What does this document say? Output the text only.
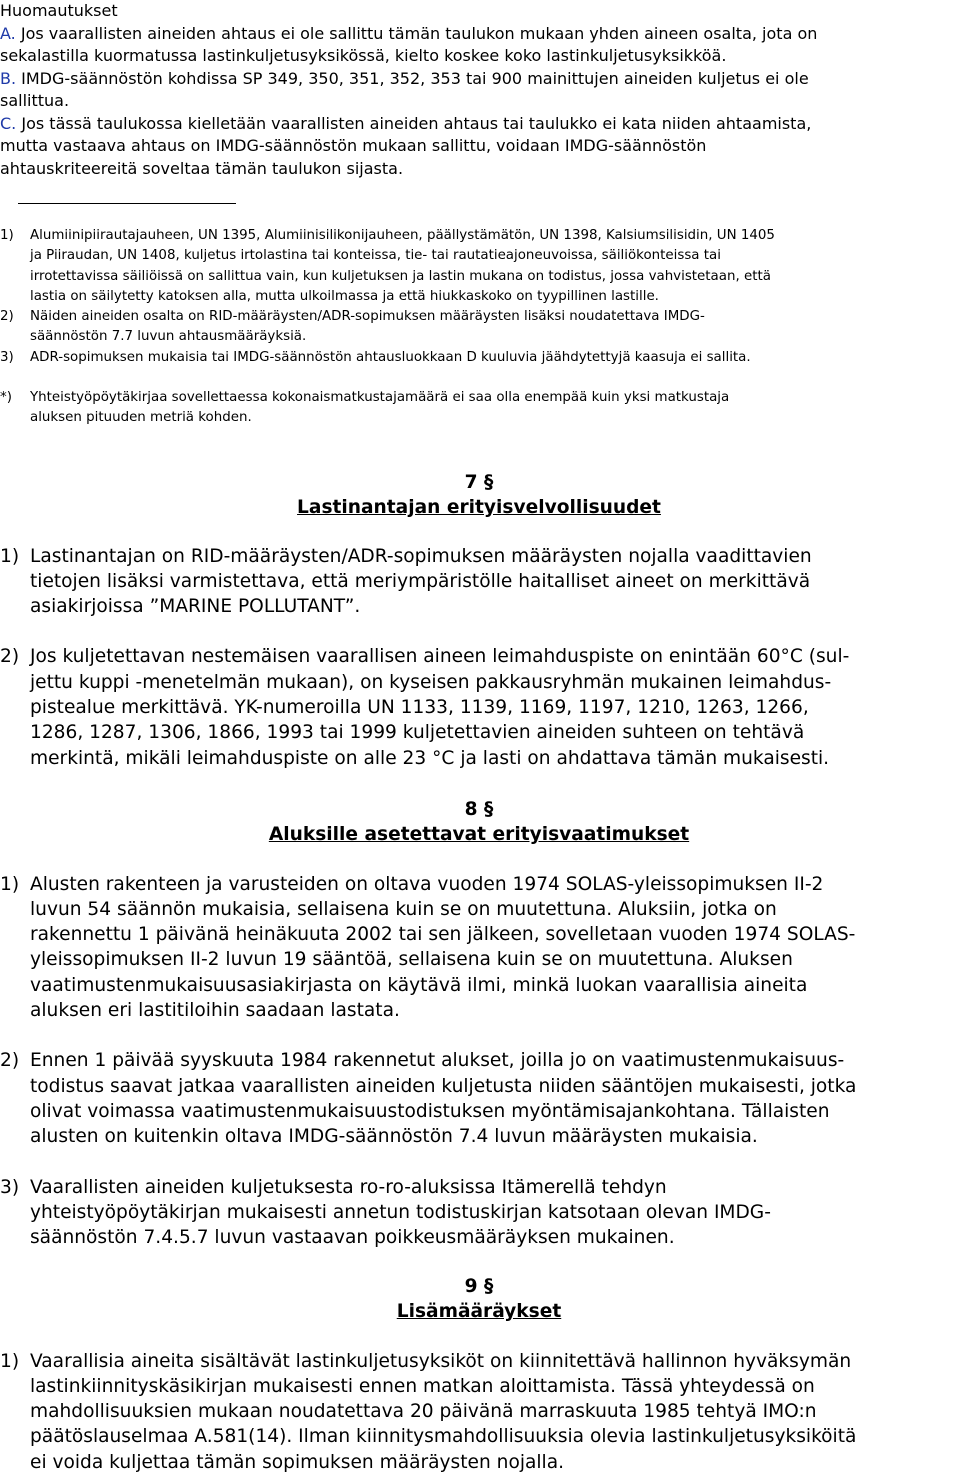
Huomautukset

A. Jos vaarallisten aineiden ahtaus ei ole sallittu tämän taulukon mukaan yhden aineen osalta, jota on

sekalastilla kuormatussa lastinkuljetusyksikössä, kielto koskee koko lastinkuljetusyksikköä.

B. IMDG-säännöstön kohdissa SP 349, 350, 351, 352, 353 tai 900 mainittujen aineiden kuljetus ei ole

sallittua.

C. Jos tässä taulukossa kielletään vaarallisten aineiden ahtaus tai taulukko ei kata niiden ahtaamista,

mutta vastaava ahtaus on IMDG-säännöstön mukaan sallittu, voidaan IMDG-säännöstön

ahtauskriteereitä soveltaa tämän taulukon sijasta.

1)	Alumiinipiirautajauheen, UN 1395, Alumiinisilikonijauheen, päällystämätön, UN 1398, Kalsiumsilisidin, UN 1405
ja Piiraudan, UN 1408, kuljetus irtolastina tai konteissa, tie- tai rautatieajoneuvoissa, säiliökonteissa tai
irrotettavissa säiliöissä on sallittua vain, kun kuljetuksen ja lastin mukana on todistus, jossa vahvistetaan, että
lastia on säilytetty katoksen alla, mutta ulkoilmassa ja että hiukkaskoko on tyypillinen lastille.
2)	Näiden aineiden osalta on RID-määräysten/ADR-sopimuksen määräysten lisäksi noudatettava IMDG-
säännöstön 7.7 luvun ahtausmääräyksiä.
3)	ADR-sopimuksen mukaisia tai IMDG-säännöstön ahtausluokkaan D kuuluvia jäähdytettyjä kaasuja ei sallita.
*)	Yhteistyöpöytäkirjaa sovellettaessa kokonaismatkustajamäärä ei saa olla enempää kuin yksi matkustaja
aluksen pituuden metriä kohden.

7 §
Lastinantajan erityisvelvollisuudet

1) Lastinantajan on RID-määräysten/ADR-sopimuksen määräysten nojalla vaadittavien
tietojen lisäksi varmistettava, että meriympäristölle haitalliset aineet on merkittävä
asiakirjoissa ”MARINE POLLUTANT”.
2) Jos kuljetettavan nestemäisen vaarallisen aineen leimahduspiste on enintään 60°C (sul-
jettu kuppi -menetelmän mukaan), on kyseisen pakkausryhmän mukainen leimahdus-
pistealue merkittävä. YK-numeroilla UN 1133, 1139, 1169, 1197, 1210, 1263, 1266,
1286, 1287, 1306, 1866, 1993 tai 1999 kuljetettavien aineiden suhteen on tehtävä
merkintä, mikäli leimahduspiste on alle 23 °C ja lasti on ahdattava tämän mukaisesti.

8 §
Aluksille asetettavat erityisvaatimukset

1) Alusten rakenteen ja varusteiden on oltava vuoden 1974 SOLAS-yleissopimuksen II-2
luvun 54 säännön mukaisia, sellaisena kuin se on muutettuna. Aluksiin, jotka on
rakennettu 1 päivänä heinäkuuta 2002 tai sen jälkeen, sovelletaan vuoden 1974 SOLAS-
yleissopimuksen II-2 luvun 19 sääntöä, sellaisena kuin se on muutettuna. Aluksen
vaatimustenmukaisuusasiakirjasta on käytävä ilmi, minkä luokan vaarallisia aineita
aluksen eri lastitiloihin saadaan lastata.
2) Ennen 1 päivää syyskuuta 1984 rakennetut alukset, joilla jo on vaatimustenmukaisuus-
todistus saavat jatkaa vaarallisten aineiden kuljetusta niiden sääntöjen mukaisesti, jotka
olivat voimassa vaatimustenmukaisuustodistuksen myöntämisajankohtana. Tällaisten
alusten on kuitenkin oltava IMDG-säännöstön 7.4 luvun määräysten mukaisia.
3) Vaarallisten aineiden kuljetuksesta ro-ro-aluksissa Itämerellä tehdyn
yhteistyöpöytäkirjan mukaisesti annetun todistuskirjan katsotaan olevan IMDG-
säännöstön 7.4.5.7 luvun vastaavan poikkeusmääräyksen mukainen.

9 §
Lisämääräykset

1) Vaarallisia aineita sisältävät lastinkuljetusyksiköt on kiinnitettävä hallinnon hyväksymän
lastinkiinnityskäsikirjan mukaisesti ennen matkan aloittamista. Tässä yhteydessä on
mahdollisuuksien mukaan noudatettava 20 päivänä marraskuuta 1985 tehtyä IMO:n
päätöslauselmaa A.581(14). Ilman kiinnitysmahdollisuuksia olevia lastinkuljetusyksiköitä
ei voida kuljettaa tämän sopimuksen määräysten nojalla.
